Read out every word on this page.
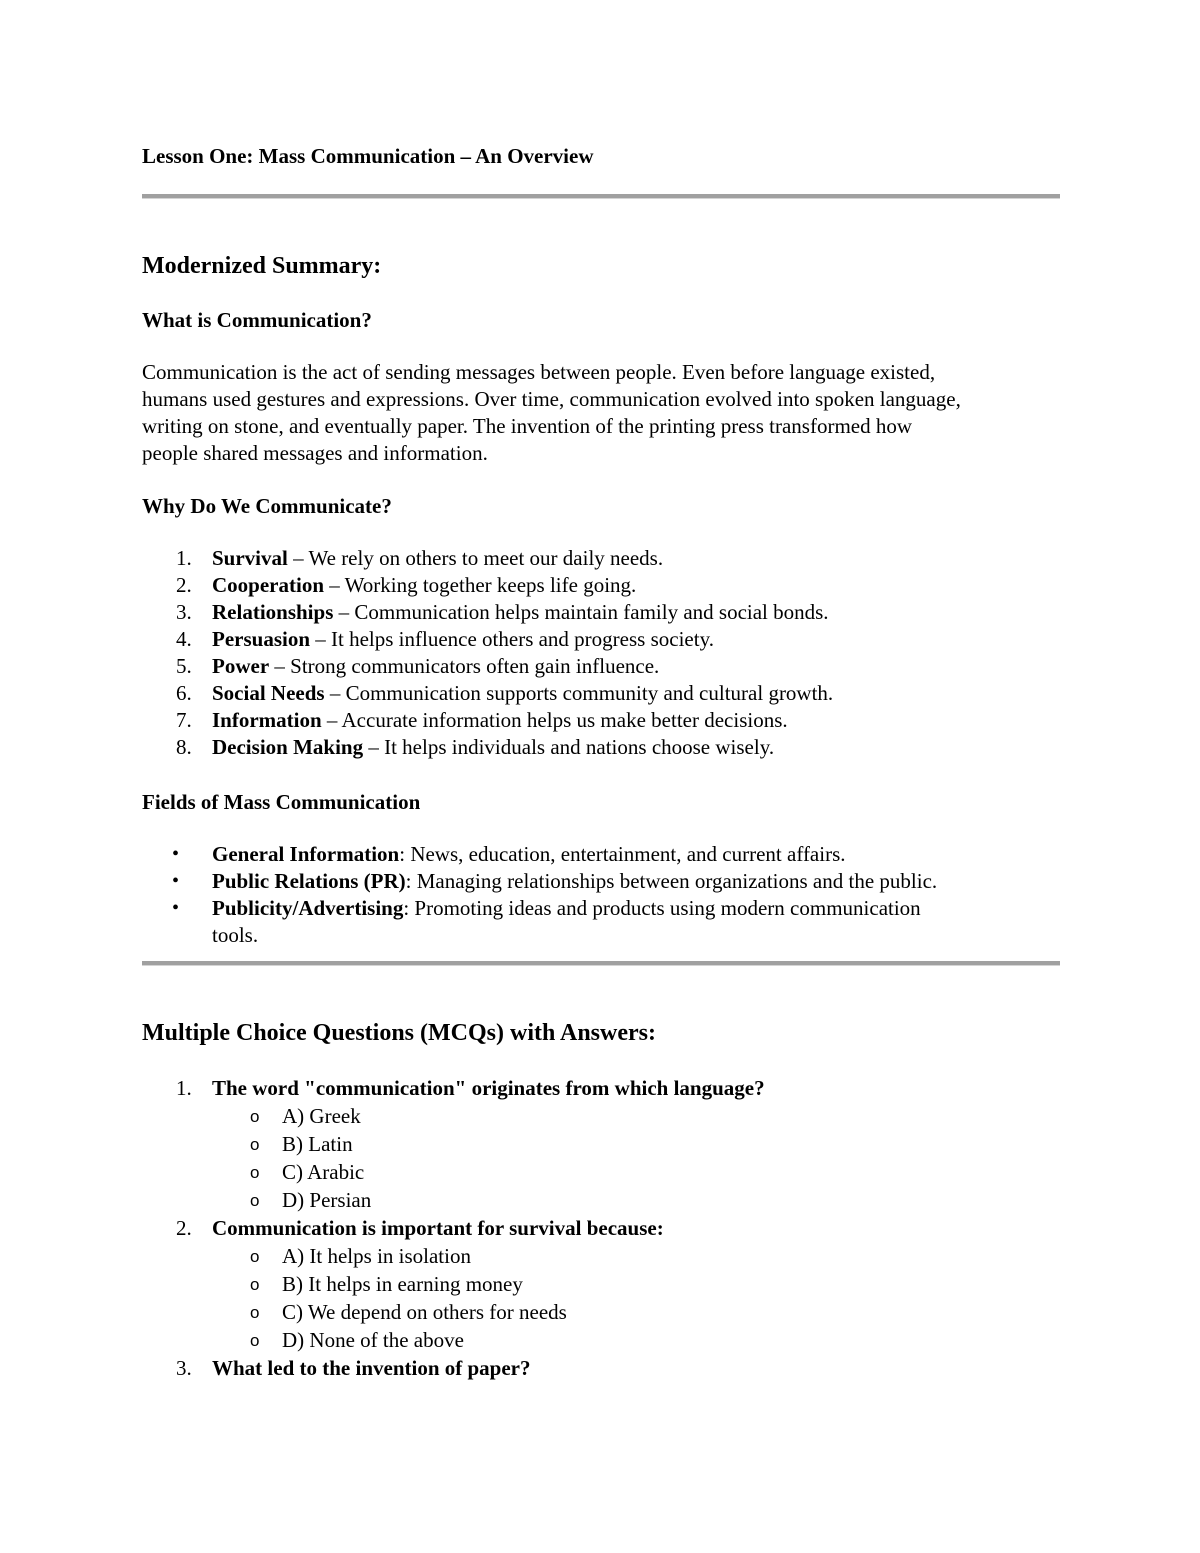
Lesson One: Mass Communication – An Overview

Modernized Summary:
What is Communication?

Communication is the act of sending messages between people. Even before language existed,
humans used gestures and expressions. Over time, communication evolved into spoken language,
writing on stone, and eventually paper. The invention of the printing press transformed how
people shared messages and information.

Why Do We Communicate?
1. Survival – We rely on others to meet our daily needs.
2. Cooperation – Working together keeps life going.
3. Relationships – Communication helps maintain family and social bonds.
4. Persuasion – It helps influence others and progress society.
5. Power – Strong communicators often gain influence.
6. Social Needs – Communication supports community and cultural growth.
7. Information – Accurate information helps us make better decisions.
8. Decision Making – It helps individuals and nations choose wisely.
Fields of Mass Communication
• General Information: News, education, entertainment, and current affairs.
• Public Relations (PR): Managing relationships between organizations and the public.
• Publicity/Advertising: Promoting ideas and products using modern communication
tools.
Multiple Choice Questions (MCQs) with Answers:
1. The word "communication" originates from which language?
o A) Greek
o B) Latin
o C) Arabic
o D) Persian
2. Communication is important for survival because:
o A) It helps in isolation
o B) It helps in earning money
o C) We depend on others for needs
o D) None of the above
3. What led to the invention of paper?
